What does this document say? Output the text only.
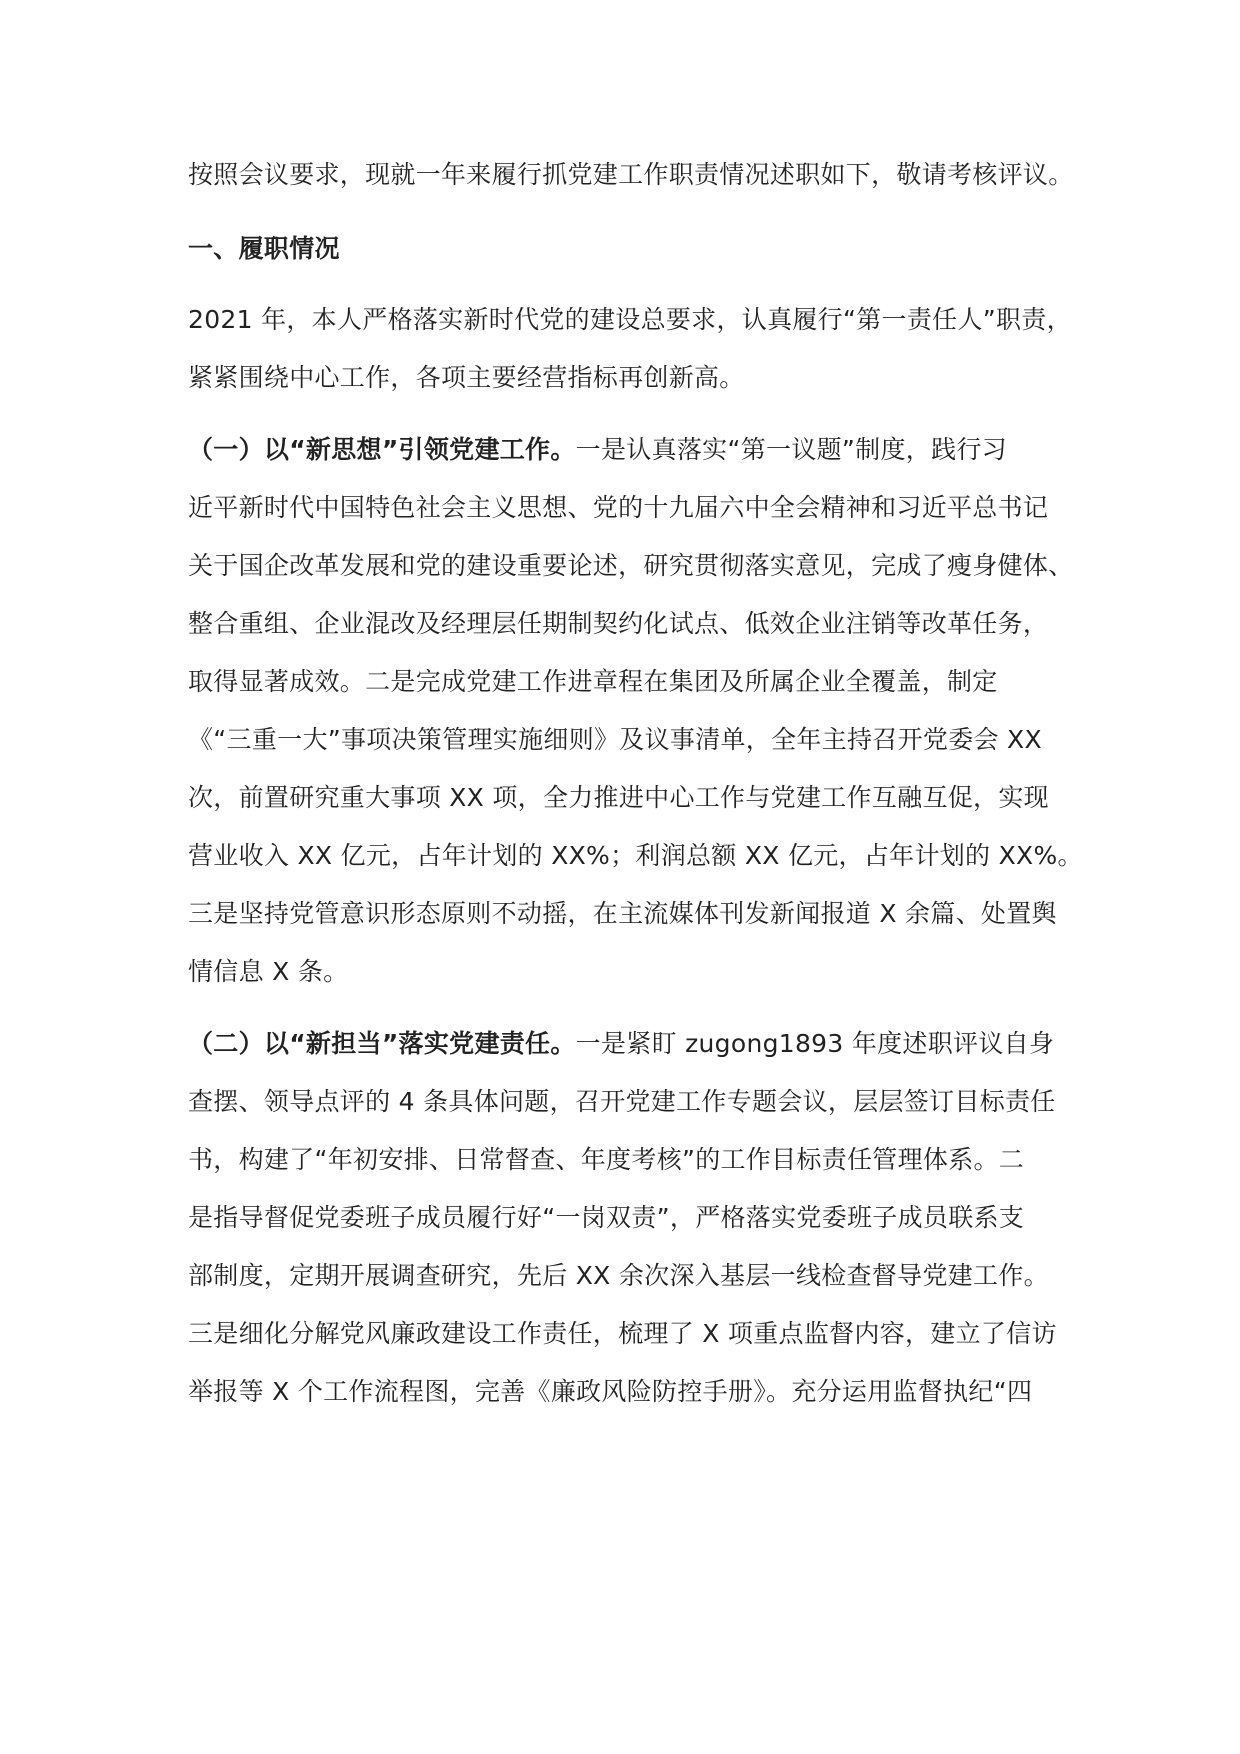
按照会议要求，现就一年来履行抓党建工作职责情况述职如下，敬请考核评议。
一、履职情况
2021 年，本人严格落实新时代党的建设总要求，认真履行“第一责任人”职责，
紧紧围绕中心工作，各项主要经营指标再创新高。
（一）以“新思想”引领党建工作。一是认真落实“第一议题”制度，践行习
近平新时代中国特色社会主义思想、党的十九届六中全会精神和习近平总书记
关于国企改革发展和党的建设重要论述，研究贯彻落实意见，完成了瘦身健体、
整合重组、企业混改及经理层任期制契约化试点、低效企业注销等改革任务，
取得显著成效。二是完成党建工作进章程在集团及所属企业全覆盖，制定
《“三重一大”事项决策管理实施细则》及议事清单，全年主持召开党委会 XX
次，前置研究重大事项 XX 项，全力推进中心工作与党建工作互融互促，实现
营业收入 XX 亿元，占年计划的 XX%；利润总额 XX 亿元，占年计划的 XX%。
三是坚持党管意识形态原则不动摇，在主流媒体刊发新闻报道 X 余篇、处置舆
情信息 X 条。
（二）以“新担当”落实党建责任。一是紧盯 zugong1893 年度述职评议自身
查摆、领导点评的 4 条具体问题，召开党建工作专题会议，层层签订目标责任
书，构建了“年初安排、日常督查、年度考核”的工作目标责任管理体系。二
是指导督促党委班子成员履行好“一岗双责”，严格落实党委班子成员联系支
部制度，定期开展调查研究，先后 XX 余次深入基层一线检查督导党建工作。
三是细化分解党风廉政建设工作责任，梳理了 X 项重点监督内容，建立了信访
举报等 X 个工作流程图，完善《廉政风险防控手册》。充分运用监督执纪“四
